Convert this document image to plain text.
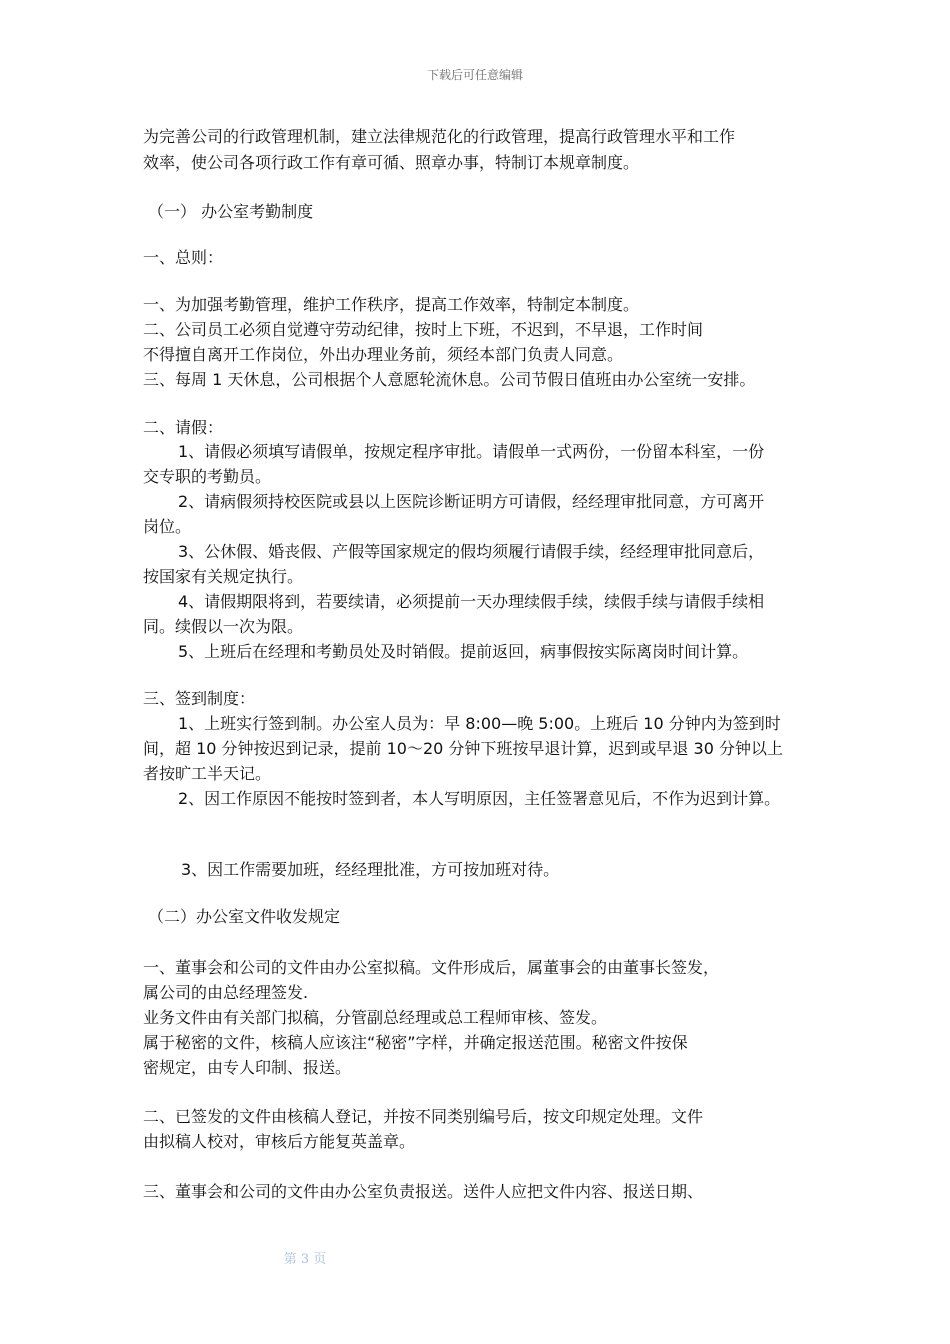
下载后可任意编辑
为完善公司的行政管理机制，建立法律规范化的行政管理，提高行政管理水平和工作
效率，使公司各项行政工作有章可循、照章办事，特制订本规章制度。
（一） 办公室考勤制度
一、总则：
一、为加强考勤管理，维护工作秩序，提高工作效率，特制定本制度。
二、公司员工必须自觉遵守劳动纪律，按时上下班，不迟到，不早退，工作时间
不得擅自离开工作岗位，外出办理业务前，须经本部门负责人同意。
三、每周 1 天休息，公司根据个人意愿轮流休息。公司节假日值班由办公室统一安排。
二、请假：
1、请假必须填写请假单，按规定程序审批。请假单一式两份，一份留本科室，一份
交专职的考勤员。
2、请病假须持校医院或县以上医院诊断证明方可请假，经经理审批同意，方可离开
岗位。
3、公休假、婚丧假、产假等国家规定的假均须履行请假手续，经经理审批同意后，
按国家有关规定执行。
4、请假期限将到，若要续请，必须提前一天办理续假手续，续假手续与请假手续相
同。续假以一次为限。
5、上班后在经理和考勤员处及时销假。提前返回，病事假按实际离岗时间计算。
三、签到制度：
1、上班实行签到制。办公室人员为：早 8:00—晚 5:00。上班后 10 分钟内为签到时
间，超 10 分钟按迟到记录，提前 10～20 分钟下班按早退计算，迟到或早退 30 分钟以上
者按旷工半天记。
2、因工作原因不能按时签到者，本人写明原因，主任签署意见后，不作为迟到计算。
3、因工作需要加班，经经理批准，方可按加班对待。
（二）办公室文件收发规定
一、董事会和公司的文件由办公室拟稿。文件形成后，属董事会的由董事长签发，
属公司的由总经理签发.
业务文件由有关部门拟稿，分管副总经理或总工程师审核、签发。
属于秘密的文件，核稿人应该注“秘密”字样，并确定报送范围。秘密文件按保
密规定，由专人印制、报送。
二、已签发的文件由核稿人登记，并按不同类别编号后，按文印规定处理。文件
由拟稿人校对，审核后方能复英盖章。
三、董事会和公司的文件由办公室负责报送。送件人应把文件内容、报送日期、
第 3 页
